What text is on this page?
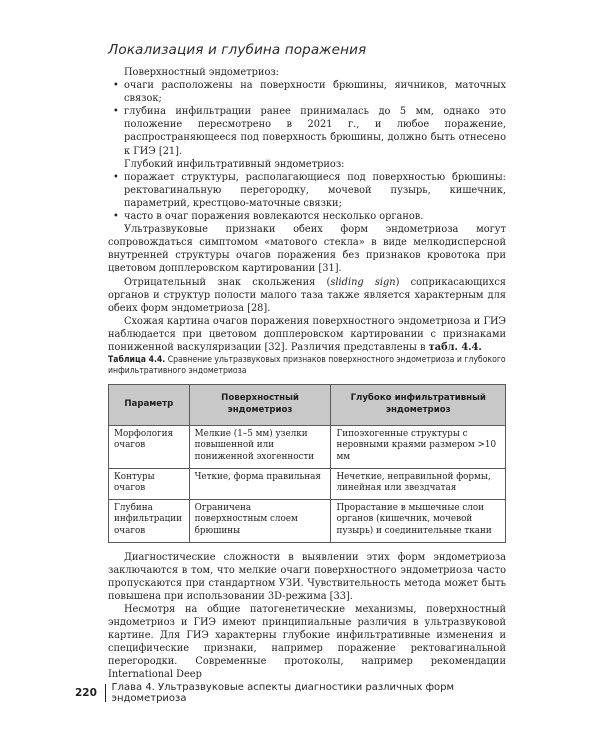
Локализация и глубина поражения

Поверхностный эндометриоз:

• очаги расположены на поверхности брюшины, яичников, маточных связок;
• глубина инфильтрации ранее принималась до 5 мм, однако это положение пересмотрено в 2021 г., и любое поражение, распространяющееся под поверхность брюшины, должно быть отнесено к ГИЭ [21].

Глубокий инфильтративный эндометриоз:

• поражает структуры, располагающиеся под поверхностью брюшины: ректовагинальную перегородку, мочевой пузырь, кишечник, параметрий, крестцово-маточные связки;
• часто в очаг поражения вовлекаются несколько органов.

Ультразвуковые признаки обеих форм эндометриоза могут сопровождаться симптомом «матового стекла» в виде мелкодисперсной внутренней структуры очагов поражения без признаков кровотока при цветовом допплеровском картировании [31].

Отрицательный знак скольжения (sliding sign) соприкасающихся органов и структур полости малого таза также является характерным для обеих форм эндометриоза [28].

Схожая картина очагов поражения поверхностного эндометриоза и ГИЭ наблюдается при цветовом допплеровском картировании с признаками пониженной васкуляризации [32]. Различия представлены в табл. 4.4.

Таблица 4.4. Сравнение ультразвуковых признаков поверхностного эндометриоза и глубокого инфильтративного эндометриоза
Параметр	Поверхностный эндометриоз	Глубоко инфильтративный эндометриоз
Морфология очагов	Мелкие (1–5 мм) узелки повышенной или пониженной эхогенности	Гипоэхогенные структуры с неровными краями размером >10 мм
Контуры очагов	Четкие, форма правильная	Нечеткие, неправильной формы, линейная или звездчатая
Глубина инфильтрации очагов	Ограничена поверхностным слоем брюшины	Прорастание в мышечные слои органов (кишечник, мочевой пузырь) и соединительные ткани

Диагностические сложности в выявлении этих форм эндометриоза заключаются в том, что мелкие очаги поверхностного эндометриоза часто пропускаются при стандартном УЗИ. Чувствительность метода может быть повышена при использовании 3D-режима [33].

Несмотря на общие патогенетические механизмы, поверхностный эндометриоз и ГИЭ имеют принципиальные различия в ультразвуковой картине. Для ГИЭ характерны глубокие инфильтративные изменения и специфические признаки, например поражение ректовагинальной перегородки. Современные протоколы, например рекомендации International Deep

220	Глава 4. Ультразвуковые аспекты диагностики различных форм эндометриоза
